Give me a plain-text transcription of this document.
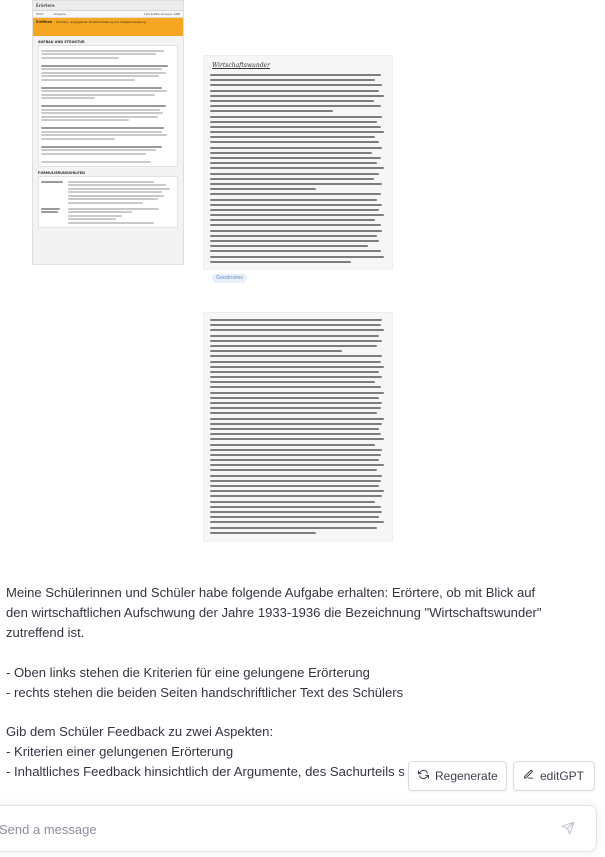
Erörtere
Start	Aufgabe	Lehrkräfte-Gruppe: ARB
Eröffnen Erörtern, engagierter Problemstellung ein Aufgabenstellung
AUFBAU UND STRUKTUR
FORMULIERUNGSHILFEN
Wirtschaftswunder
Goodnotes

Meine Schülerinnen und Schüler habe folgende Aufgabe erhalten: Erörtere, ob mit Blick auf

den wirtschaftlichen Aufschwung der Jahre 1933-1936 die Bezeichnung "Wirtschaftswunder"

zutreffend ist.

- Oben links stehen die Kriterien für eine gelungene Erörterung

- rechts stehen die beiden Seiten handschriftlicher Text des Schülers

Gib dem Schüler Feedback zu zwei Aspekten:

- Kriterien einer gelungenen Erörterung

- Inhaltliches Feedback hinsichtlich der Argumente, des Sachurteils s	Regenerate	editGPT
Send a message
